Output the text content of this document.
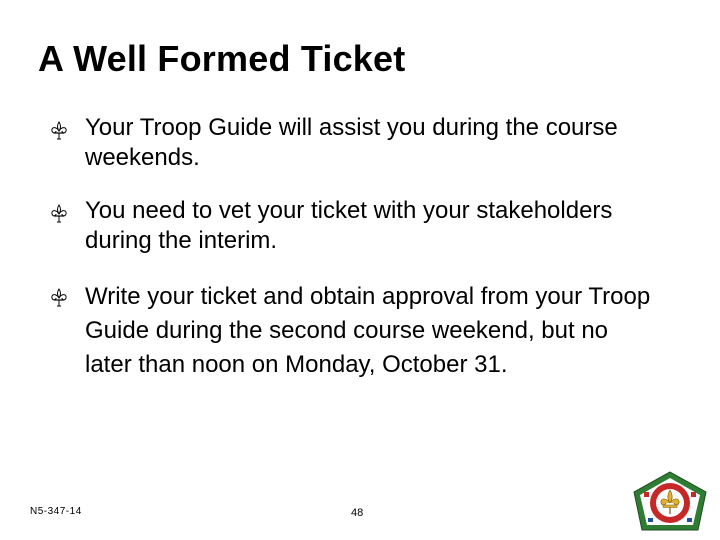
A Well Formed Ticket
Your Troop Guide will assist you during the course weekends.
You need to vet your ticket with your stakeholders during the interim.
Write your ticket and obtain approval from your Troop Guide during the second course weekend, but no later than noon on Monday, October 31.
N5-347-14	48
